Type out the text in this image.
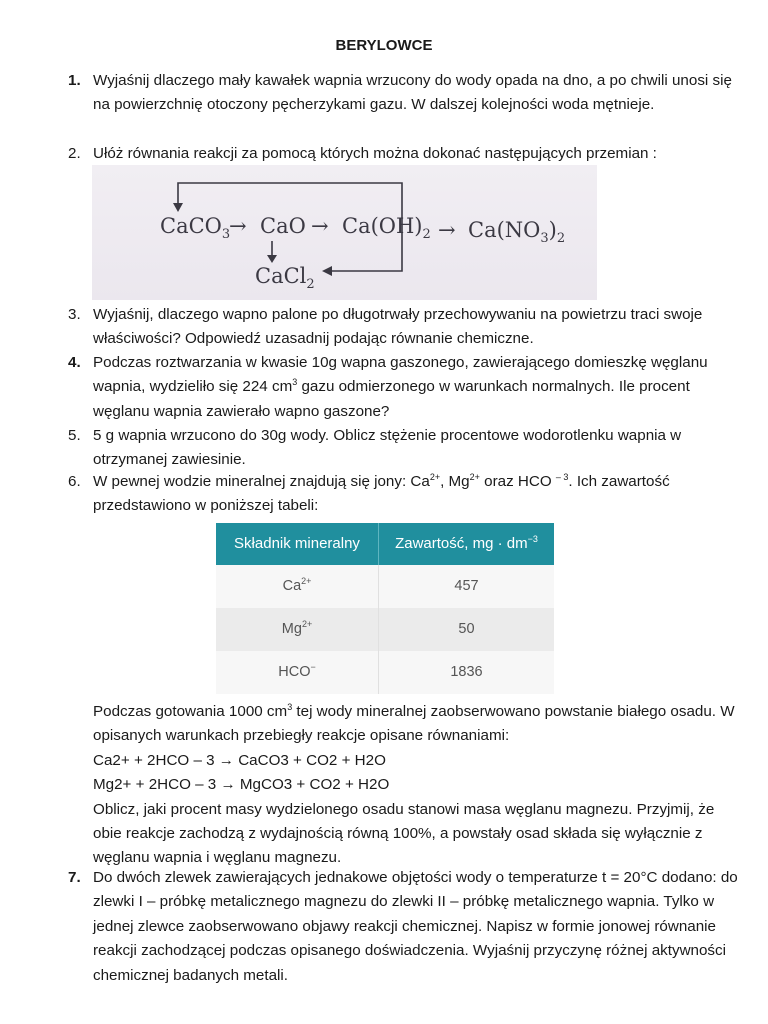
BERYLOWCE
1. Wyjaśnij dlaczego mały kawałek wapnia wrzucony do wody opada na dno, a po chwili unosi się na powierzchnię otoczony pęcherzykami gazu. W dalszej kolejności woda mętnieje.
2. Ułóż równania reakcji za pomocą których można dokonać następujących przemian :
CaCO$_3$
→ CaO → $Ca(OH)_2 \to Ca(NO_3)_2$
CaCl$_2$
3. Wyjaśnij, dlaczego wapno palone po długotrwały przechowywaniu na powietrzu traci swoje właściwości? Odpowiedź uzasadnij podając równanie chemiczne.
4. Podczas roztwarzania w kwasie 10g wapna gaszonego, zawierającego domieszkę węglanu wapnia, wydzieliło się 224 $cm^3$ gazu odmierzonego w warunkach normalnych. Ile procent węglanu wapnia zawierało wapno gaszone?
5. 5 g wapnia wrzucono do 30g wody. Oblicz stężenie procentowe wodorotlenku wapnia w otrzymanej zawiesinie.
6. W pewnej wodzie mineralnej znajdują się jony: $Ca^{2+}$, $Mg^{2+}$ oraz HCO $^{- 3}$. Ich zawartość przedstawiono w poniższej tabeli:
Składnik mineralny	Zawartość, mg · $dm^{-3}$
$Ca^{2+}$	457
$Mg^{2+}$	50
HCO−	1836
Podczas gotowania 1000 $cm^3$ tej wody mineralnej zaobserwowano powstanie białego osadu. W opisanych warunkach przebiegły reakcje opisane równaniami:
Ca2+ + 2HCO – 3 → CaCO3 + CO2 + H2O
Mg2+ + 2HCO – 3 → MgCO3 + CO2 + H2O
Oblicz, jaki procent masy wydzielonego osadu stanowi masa węglanu magnezu. Przyjmij, że obie reakcje zachodzą z wydajnością równą 100%, a powstały osad składa się wyłącznie z węglanu wapnia i węglanu magnezu.
7. Do dwóch zlewek zawierających jednakowe objętości wody o temperaturze t = 20°C dodano: do zlewki I – próbkę metalicznego magnezu do zlewki II – próbkę metalicznego wapnia. Tylko w jednej zlewce zaobserwowano objawy reakcji chemicznej. Napisz w formie jonowej równanie reakcji zachodzącej podczas opisanego doświadczenia. Wyjaśnij przyczynę różnej aktywności chemicznej badanych metali.
